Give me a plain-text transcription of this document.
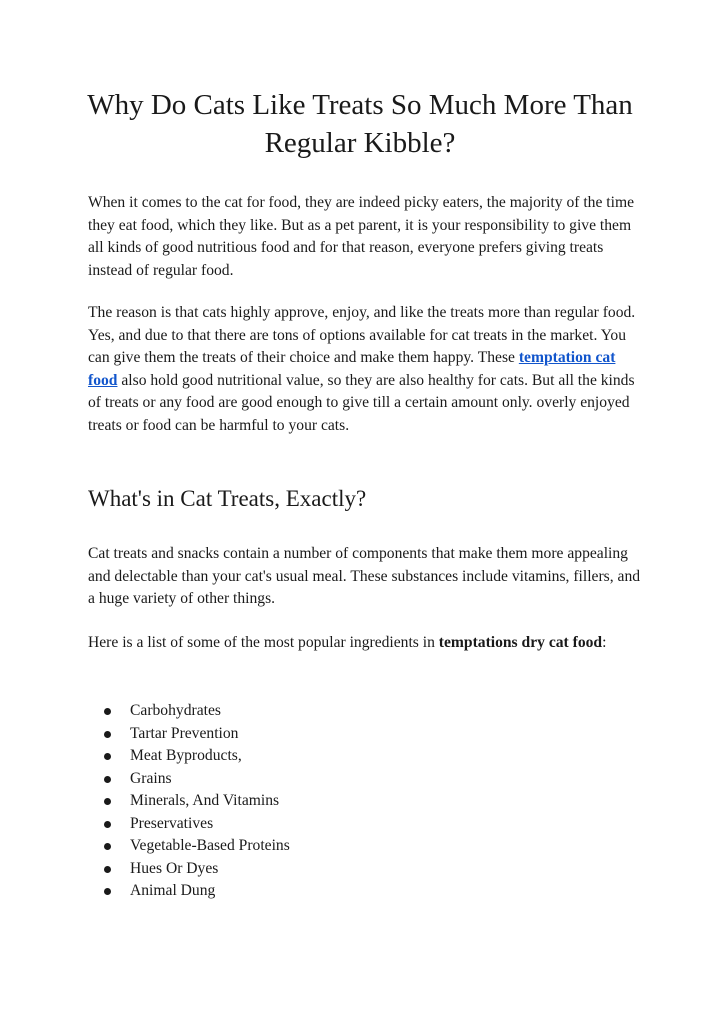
Why Do Cats Like Treats So Much More Than Regular Kibble?

When it comes to the cat for food, they are indeed picky eaters, the majority of the time they eat food, which they like. But as a pet parent, it is your responsibility to give them all kinds of good nutritious food and for that reason, everyone prefers giving treats instead of regular food.

The reason is that cats highly approve, enjoy, and like the treats more than regular food. Yes, and due to that there are tons of options available for cat treats in the market. You can give them the treats of their choice and make them happy. These temptation cat food also hold good nutritional value, so they are also healthy for cats. But all the kinds of treats or any food are good enough to give till a certain amount only. overly enjoyed treats or food can be harmful to your cats.

What's in Cat Treats, Exactly?

Cat treats and snacks contain a number of components that make them more appealing and delectable than your cat's usual meal. These substances include vitamins, fillers, and a huge variety of other things.

Here is a list of some of the most popular ingredients in temptations dry cat food:

Carbohydrates
Tartar Prevention
Meat Byproducts,
Grains
Minerals, And Vitamins
Preservatives
Vegetable-Based Proteins
Hues Or Dyes
Animal Dung
